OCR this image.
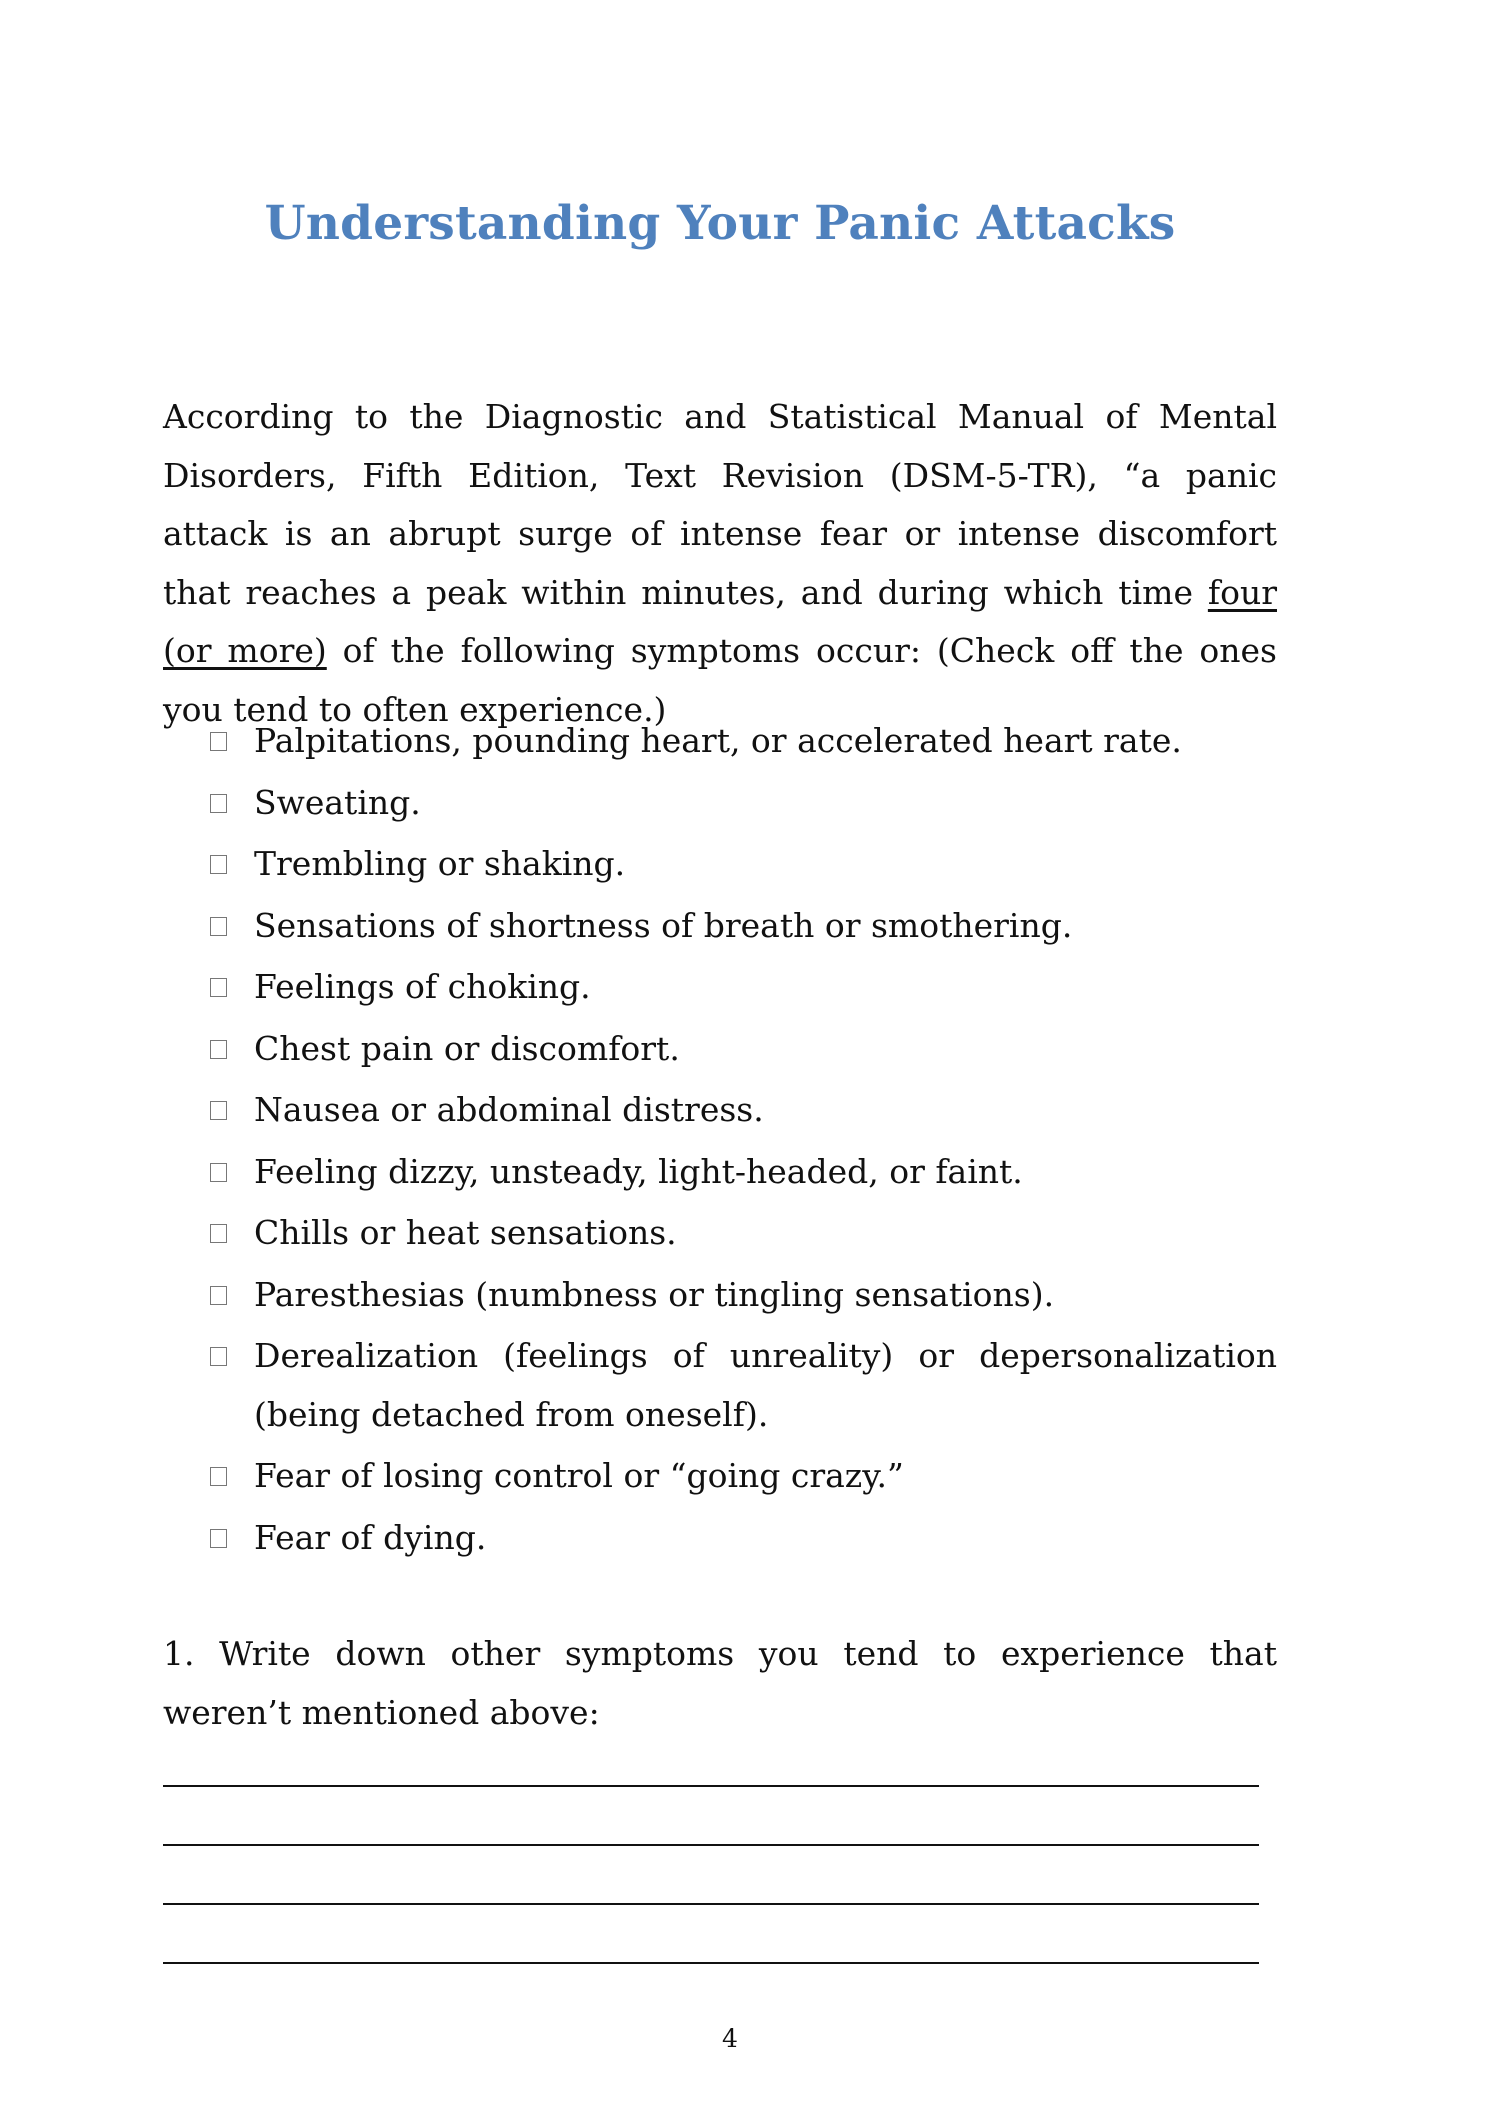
Understanding Your Panic Attacks

According to the Diagnostic and Statistical Manual of Mental Disorders, Fifth Edition, Text Revision (DSM-5-TR), “a panic attack is an abrupt surge of intense fear or intense discomfort that reaches a peak within minutes, and during which time four (or more) of the following symptoms occur: (Check off the ones you tend to often experience.)

Palpitations, pounding heart, or accelerated heart rate.
Sweating.
Trembling or shaking.
Sensations of shortness of breath or smothering.
Feelings of choking.
Chest pain or discomfort.
Nausea or abdominal distress.
Feeling dizzy, unsteady, light-headed, or faint.
Chills or heat sensations.
Paresthesias (numbness or tingling sensations).
Derealization (feelings of unreality) or depersonalization (being detached from oneself).
Fear of losing control or “going crazy.”
Fear of dying.

1. Write down other symptoms you tend to experience that weren’t mentioned above:

4
